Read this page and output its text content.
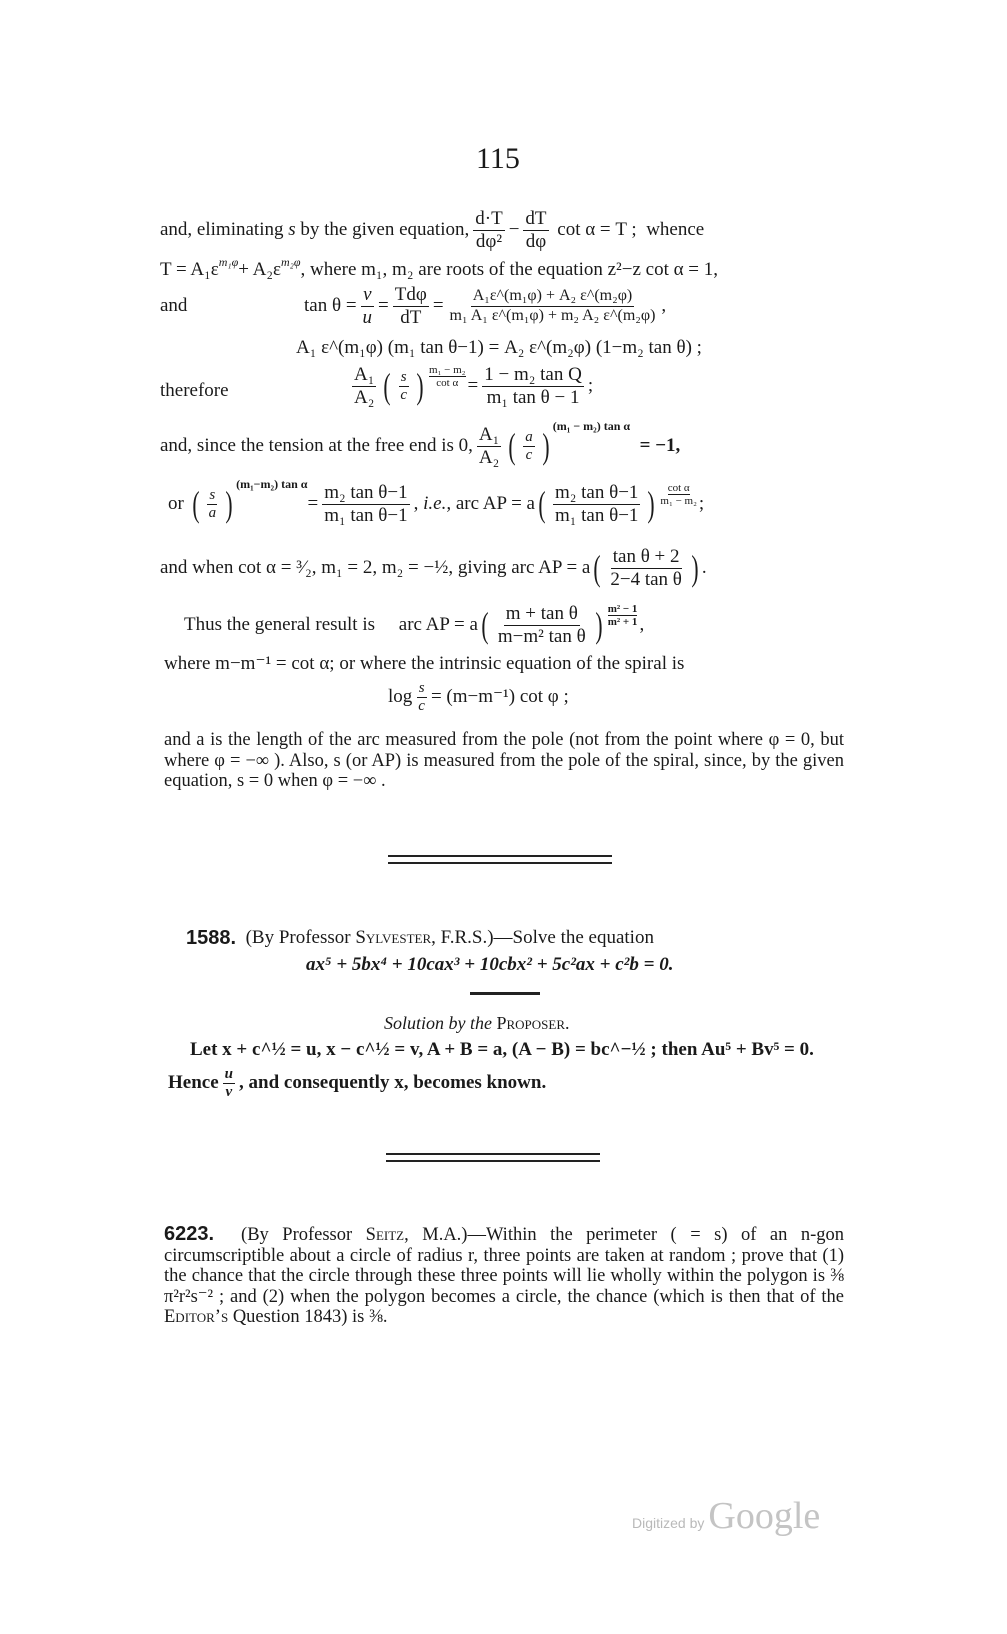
115
and, eliminating
s
by the given equation, $\frac{d\cdot T}{\text{dφ²}} - \frac{dT}{d\varphi}$
cot α = T ;
whence
T = A₁ε m₁φ + A₂ε m₂φ , where m₁, m₂ are roots of the equation z²−z cot α = 1,
and	$\tan \theta = \frac{v}{u} = \frac{\text{Tdφ}}{dT} = \frac{\text{A₁ε\textasciicircum{}(m₁φ) + A₂ ε\textasciicircum{}(m₂φ)}}{\text{m₁ A₁ ε\textasciicircum{}(m₁φ) + m₂ A₂ ε\textasciicircum{}(m₂φ)}}$ ,
A₁ ε^(m₁φ) (m₁ tan θ−1) = A₂ ε^(m₂φ) (1−m₂ tan θ) ;
therefore	$\frac{\text{A₁}}{\text{A₂}}$ ( $\frac{s}{c}$ ) $\frac{\text{m₁ − m₂}}{\text{cot α}} = \frac{\text{1 − m₂ tan Q}}{\text{m₁ tan θ − 1}}$ ;
and, since the tension at the free end is 0, $\frac{\text{A₁}}{\text{A₂}}$ ( $\frac{a}{c}$ )
(m₁ − m₂) tan α

= −1,
or
( $\frac{s}{a}$ )
(m₁−m₂) tan α
= $\frac{\text{m₂ tan θ−1}}{\text{m₁ tan θ−1}}$ , i.e.,
arc AP = a ( $\frac{\text{m₂ tan θ−1}}{\text{m₁ tan θ−1}}$ ) $\frac{\text{cot α}}{\text{m₁ − m₂}}$ ;
and when cot α = ³⁄₂, m₁ = 2, m₂ = −½, giving arc AP = a ( $\frac{\text{tan θ + 2}}{\text{2−4 tan θ}}$ ) .
Thus the general result is
arc AP = a ( $\frac{\text{m + tan θ}}{\text{m−m² tan θ}}$ ) $\frac{\text{m² − 1}}{\text{m² + 1}}$ ,
where m−m⁻¹ = cot α; or where the intrinsic equation of the spiral is
$\log \frac{s}{c} = (m-m^{-1})$ cot φ ;
and a is the length of the arc measured from the pole (not from the point where φ = 0, but where φ = −∞ ). Also, s (or AP) is measured from the pole of the spiral, since, by the given equation, s = 0 when φ = −∞ .
1588.
(By Professor
Sylvester , F.R.S.)—Solve the equation
ax⁵ + 5bx⁴ + 10cax³ + 10cbx² + 5c²ax + c²b = 0.
Solution by the
Proposer.
Let x + c^½ = u, x − c^½ = v, A + B = a, (A − B) = bc^−½ ; then Au⁵ + Bv⁵ = 0.
Hence $\frac{u}{v}$ , and consequently x, becomes known.
6223. (By Professor Seitz, M.A.)—Within the perimeter ( = s) of an n-gon circumscriptible about a circle of radius r, three points are taken at random ; prove that (1) the chance that the circle through these three points will lie wholly within the polygon is ⅜ π²r²s⁻² ; and (2) when the polygon becomes a circle, the chance (which is then that of the Editor’s Question 1843) is ⅜.
Digitized by Google
